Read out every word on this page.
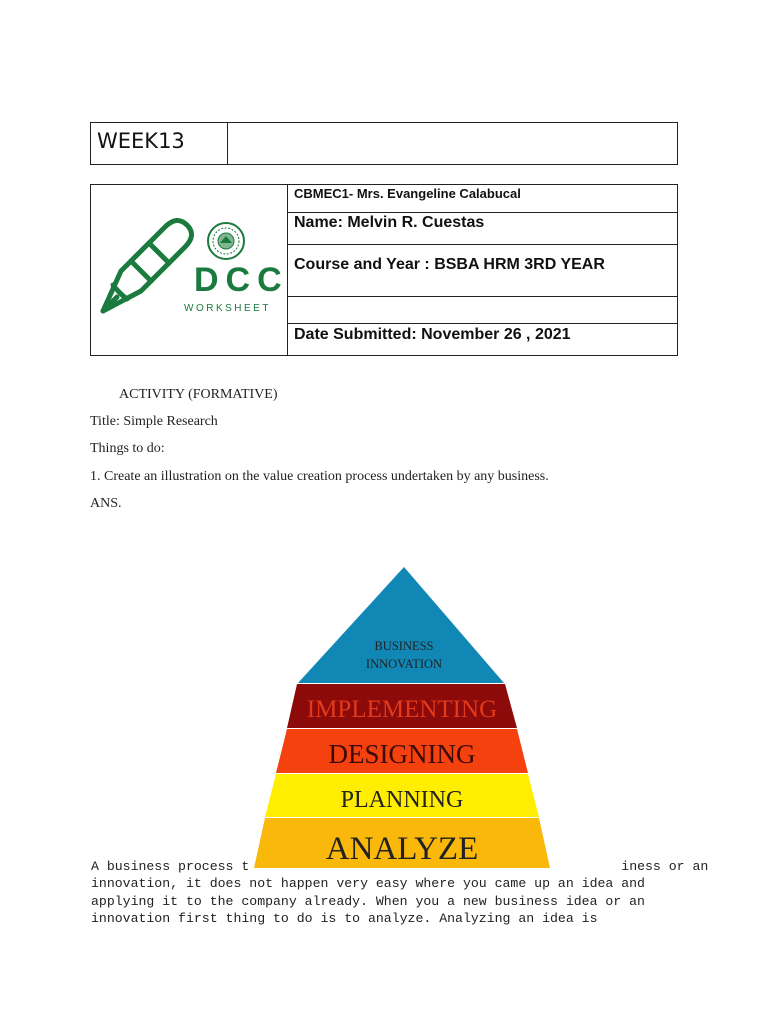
WEEK13
DCC
WORKSHEET
CBMEC1- Mrs. Evangeline Calabucal
Name: Melvin R. Cuestas
Course and Year : BSBA HRM 3RD YEAR
Date Submitted: November 26 , 2021
ACTIVITY (FORMATIVE)
Title: Simple Research
Things to do:
1. Create an illustration on the value creation process undertaken by any business.
ANS.
BUSINESS
INNOVATION
IMPLEMENTING
DESIGNING
PLANNING
ANALYZE
A business process t	iness or an
innovation, it does not happen very easy where you came up an idea and
applying it to the company already. When you a new business idea or an
innovation first thing to do is to analyze. Analyzing an idea is
